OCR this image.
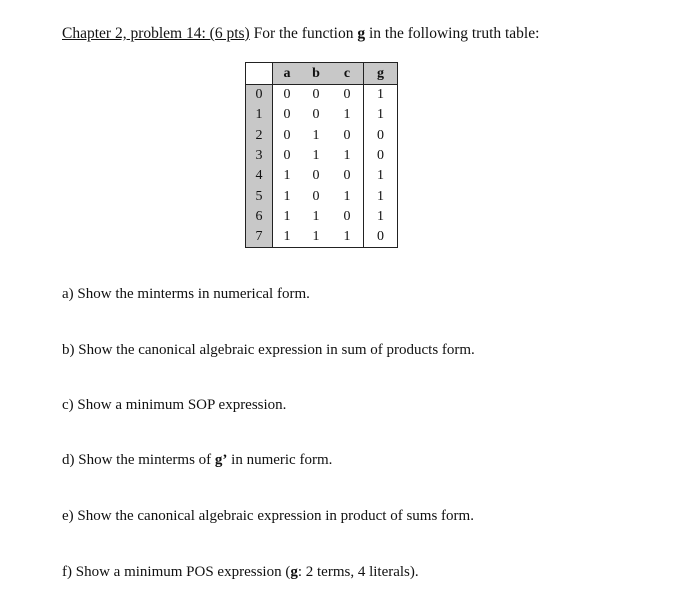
Chapter 2, problem 14: (6 pts) For the function g in the following truth table:
	a	b	c	g
0	0	0	0	1
1	0	0	1	1
2	0	1	0	0
3	0	1	1	0
4	1	0	0	1
5	1	0	1	1
6	1	1	0	1
7	1	1	1	0
a) Show the minterms in numerical form.
b) Show the canonical algebraic expression in sum of products form.
c) Show a minimum SOP expression.
d) Show the minterms of g’ in numeric form.
e) Show the canonical algebraic expression in product of sums form.
f) Show a minimum POS expression (g: 2 terms, 4 literals).
